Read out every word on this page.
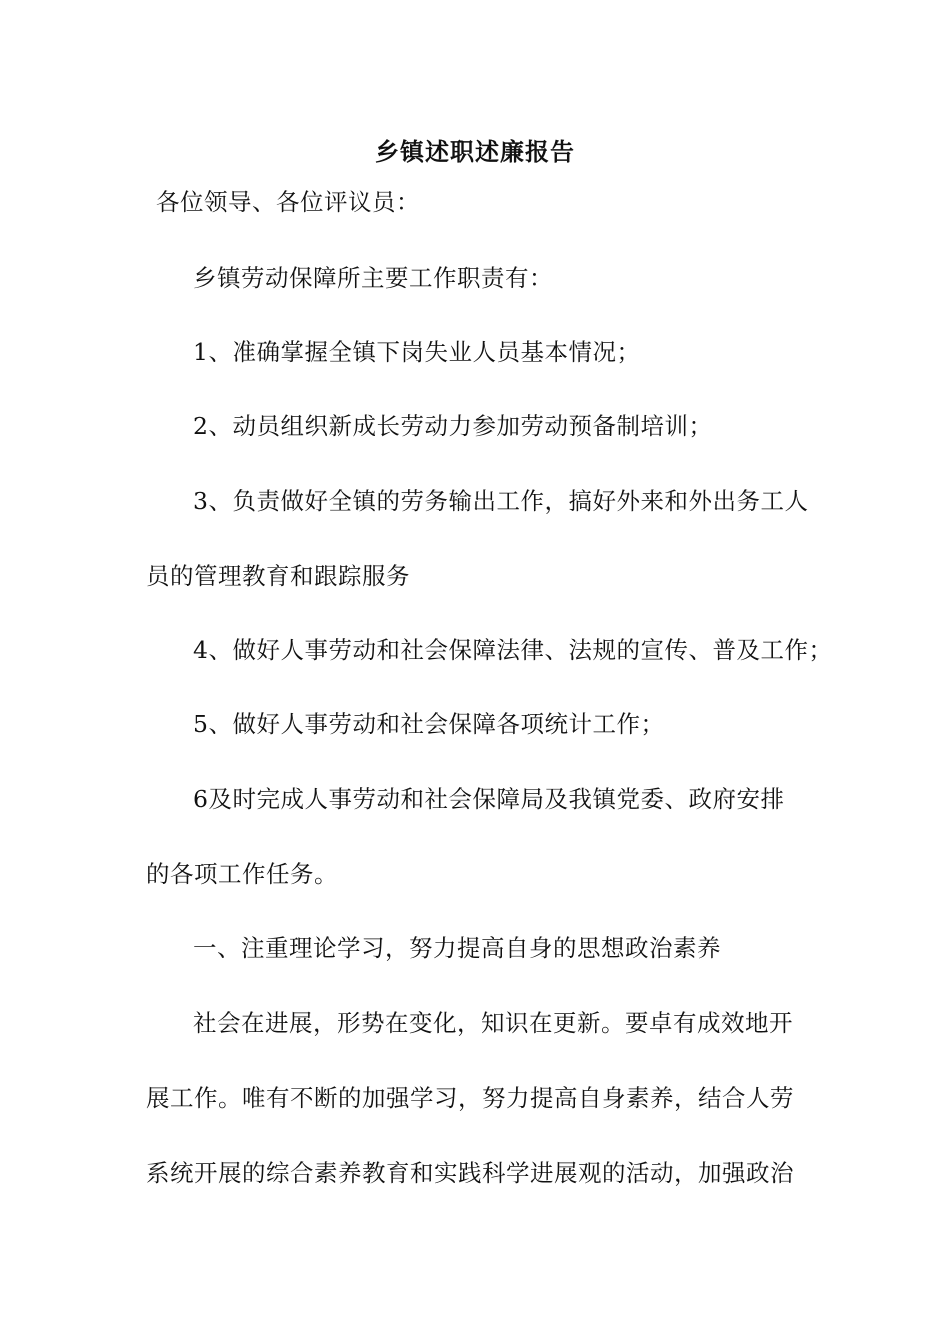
乡镇述职述廉报告
各位领导、各位评议员：
乡镇劳动保障所主要工作职责有：
1、准确掌握全镇下岗失业人员基本情况；
2、动员组织新成长劳动力参加劳动预备制培训；
3、负责做好全镇的劳务输出工作，搞好外来和外出务工人
员的管理教育和跟踪服务
4、做好人事劳动和社会保障法律、法规的宣传、普及工作；
5、做好人事劳动和社会保障各项统计工作；
6及时完成人事劳动和社会保障局及我镇党委、政府安排
的各项工作任务。
一、注重理论学习，努力提高自身的思想政治素养
社会在进展，形势在变化，知识在更新。要卓有成效地开
展工作。唯有不断的加强学习，努力提高自身素养，结合人劳
系统开展的综合素养教育和实践科学进展观的活动，加强政治
